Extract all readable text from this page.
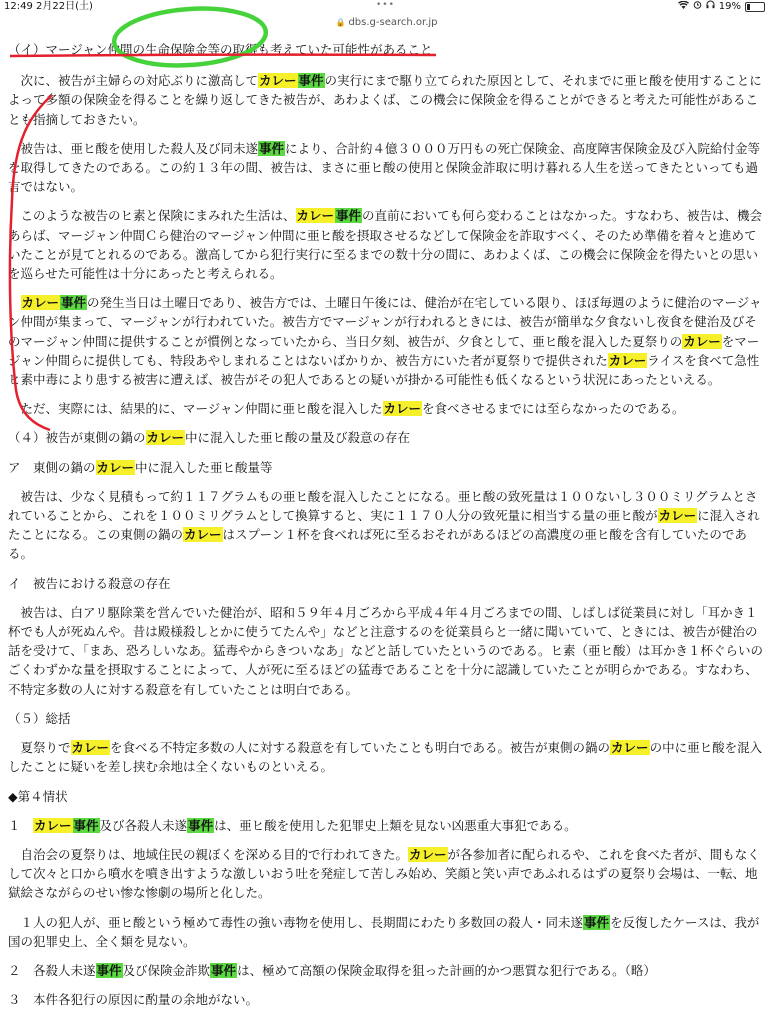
12:49 2月22日(土)	•••	19%
🔒 dbs.g-search.or.jp

（イ）マージャン仲間の生命保険金等の取得も考えていた可能性があること

次に、被告が主婦らの対応ぶりに激高してカレー 事件の実行にまで駆り立てられた原因として、それまでに亜ヒ酸を使用することによって多額の保険金を得ることを繰り返してきた被告が、あわよくば、この機会に保険金を得ることができると考えた可能性があることも指摘しておきたい。

被告は、亜ヒ酸を使用した殺人及び同未遂事件により、合計約４億３０００万円もの死亡保険金、高度障害保険金及び入院給付金等を取得してきたのである。この約１３年の間、被告は、まさに亜ヒ酸の使用と保険金詐取に明け暮れる人生を送ってきたといっても過言ではない。

このような被告のヒ素と保険にまみれた生活は、カレー 事件の直前においても何ら変わることはなかった。すなわち、被告は、機会あらば、マージャン仲間Ｃら健治のマージャン仲間に亜ヒ酸を摂取させるなどして保険金を詐取すべく、そのため準備を着々と進めていたことが見てとれるのである。激高してから犯行実行に至るまでの数十分の間に、あわよくば、この機会に保険金を得たいとの思いを巡らせた可能性は十分にあったと考えられる。

カレー 事件の発生当日は土曜日であり、被告方では、土曜日午後には、健治が在宅している限り、ほぼ毎週のように健治のマージャン仲間が集まって、マージャンが行われていた。被告方でマージャンが行われるときには、被告が簡単な夕食ないし夜食を健治及びそのマージャン仲間に提供することが慣例となっていたから、当日夕刻、被告が、夕食として、亜ヒ酸を混入した夏祭りのカレーをマージャン仲間らに提供しても、特段あやしまれることはないばかりか、被告方にいた者が夏祭りで提供されたカレーライスを食べて急性ヒ素中毒により患する被害に遭えば、被告がその犯人であるとの疑いが掛かる可能性も低くなるという状況にあったといえる。

ただ、実際には、結果的に、マージャン仲間に亜ヒ酸を混入したカレーを食べさせるまでには至らなかったのである。

（４）被告が東側の鍋のカレー中に混入した亜ヒ酸の量及び殺意の存在

ア　東側の鍋のカレー中に混入した亜ヒ酸量等

被告は、少なく見積もって約１１７グラムもの亜ヒ酸を混入したことになる。亜ヒ酸の致死量は１００ないし３００ミリグラムとされていることから、これを１００ミリグラムとして換算すると、実に１１７０人分の致死量に相当する量の亜ヒ酸がカレーに混入されたことになる。この東側の鍋のカレーはスプーン１杯を食べれば死に至るおそれがあるほどの高濃度の亜ヒ酸を含有していたのである。

イ　被告における殺意の存在

被告は、白アリ駆除業を営んでいた健治が、昭和５９年４月ごろから平成４年４月ごろまでの間、しばしば従業員に対し「耳かき１杯でも人が死ぬんや。昔は殿様殺しとかに使うてたんや」などと注意するのを従業員らと一緒に聞いていて、ときには、被告が健治の話を受けて、「まあ、恐ろしいなあ。猛毒やからきついなあ」などと話していたというのである。ヒ素（亜ヒ酸）は耳かき１杯ぐらいのごくわずかな量を摂取することによって、人が死に至るほどの猛毒であることを十分に認識していたことが明らかである。すなわち、不特定多数の人に対する殺意を有していたことは明白である。

（５）総括

夏祭りでカレーを食べる不特定多数の人に対する殺意を有していたことも明白である。被告が東側の鍋のカレーの中に亜ヒ酸を混入したことに疑いを差し挟む余地は全くないものといえる。

◆第４情状

１　カレー 事件及び各殺人未遂事件は、亜ヒ酸を使用した犯罪史上類を見ない凶悪重大事犯である。

自治会の夏祭りは、地域住民の親ぼくを深める目的で行われてきた。カレーが各参加者に配られるや、これを食べた者が、間もなくして次々と口から噴水を噴き出すような激しいおう吐を発症して苦しみ始め、笑顔と笑い声であふれるはずの夏祭り会場は、一転、地獄絵さながらのせい惨な惨劇の場所と化した。

１人の犯人が、亜ヒ酸という極めて毒性の強い毒物を使用し、長期間にわたり多数回の殺人・同未遂事件を反復したケースは、我が国の犯罪史上、全く類を見ない。

２　各殺人未遂事件及び保険金詐欺事件は、極めて高額の保険金取得を狙った計画的かつ悪質な犯行である。（略）

３　本件各犯行の原因に酌量の余地がない。
